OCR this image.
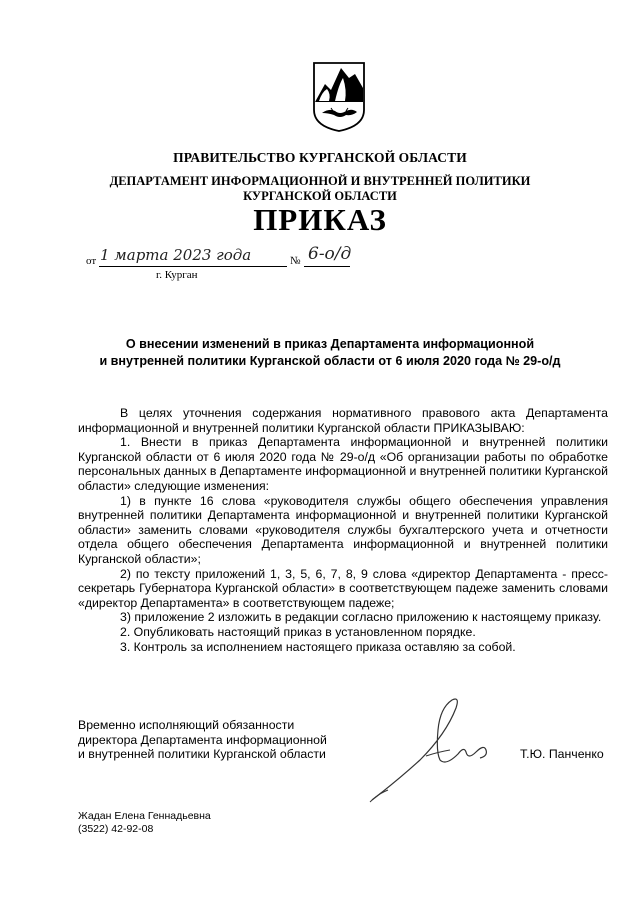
ПРАВИТЕЛЬСТВО КУРГАНСКОЙ ОБЛАСТИ
ДЕПАРТАМЕНТ ИНФОРМАЦИОННОЙ И ВНУТРЕННЕЙ ПОЛИТИКИ
КУРГАНСКОЙ ОБЛАСТИ
ПРИКАЗ
от 1 марта 2023 года	№ 6-о/д
г. Курган
О внесении изменений в приказ Департамента информационной
и внутренней политики Курганской области от 6 июля 2020 года № 29-о/д

В целях уточнения содержания нормативного правового акта Департамента информационной и внутренней политики Курганской области ПРИКАЗЫВАЮ:

1. Внести в приказ Департамента информационной и внутренней политики Курганской области от 6 июля 2020 года № 29-о/д «Об организации работы по обработке персональных данных в Департаменте информационной и внутренней политики Курганской области» следующие изменения:

1) в пункте 16 слова «руководителя службы общего обеспечения управления внутренней политики Департамента информационной и внутренней политики Курганской области» заменить словами «руководителя службы бухгалтерского учета и отчетности отдела общего обеспечения Департамента информационной и внутренней политики Курганской области»;

2) по тексту приложений 1, 3, 5, 6, 7, 8, 9 слова «директор Департамента - пресс-секретарь Губернатора Курганской области» в соответствующем падеже заменить словами «директор Департамента» в соответствующем падеже;

3) приложение 2 изложить в редакции согласно приложению к настоящему приказу.

2. Опубликовать настоящий приказ в установленном порядке.

3. Контроль за исполнением настоящего приказа оставляю за собой.

Временно исполняющий обязанности
директора Департамента информационной
и внутренней политики Курганской области	Т.Ю. Панченко
Жадан Елена Геннадьевна
(3522) 42-92-08
